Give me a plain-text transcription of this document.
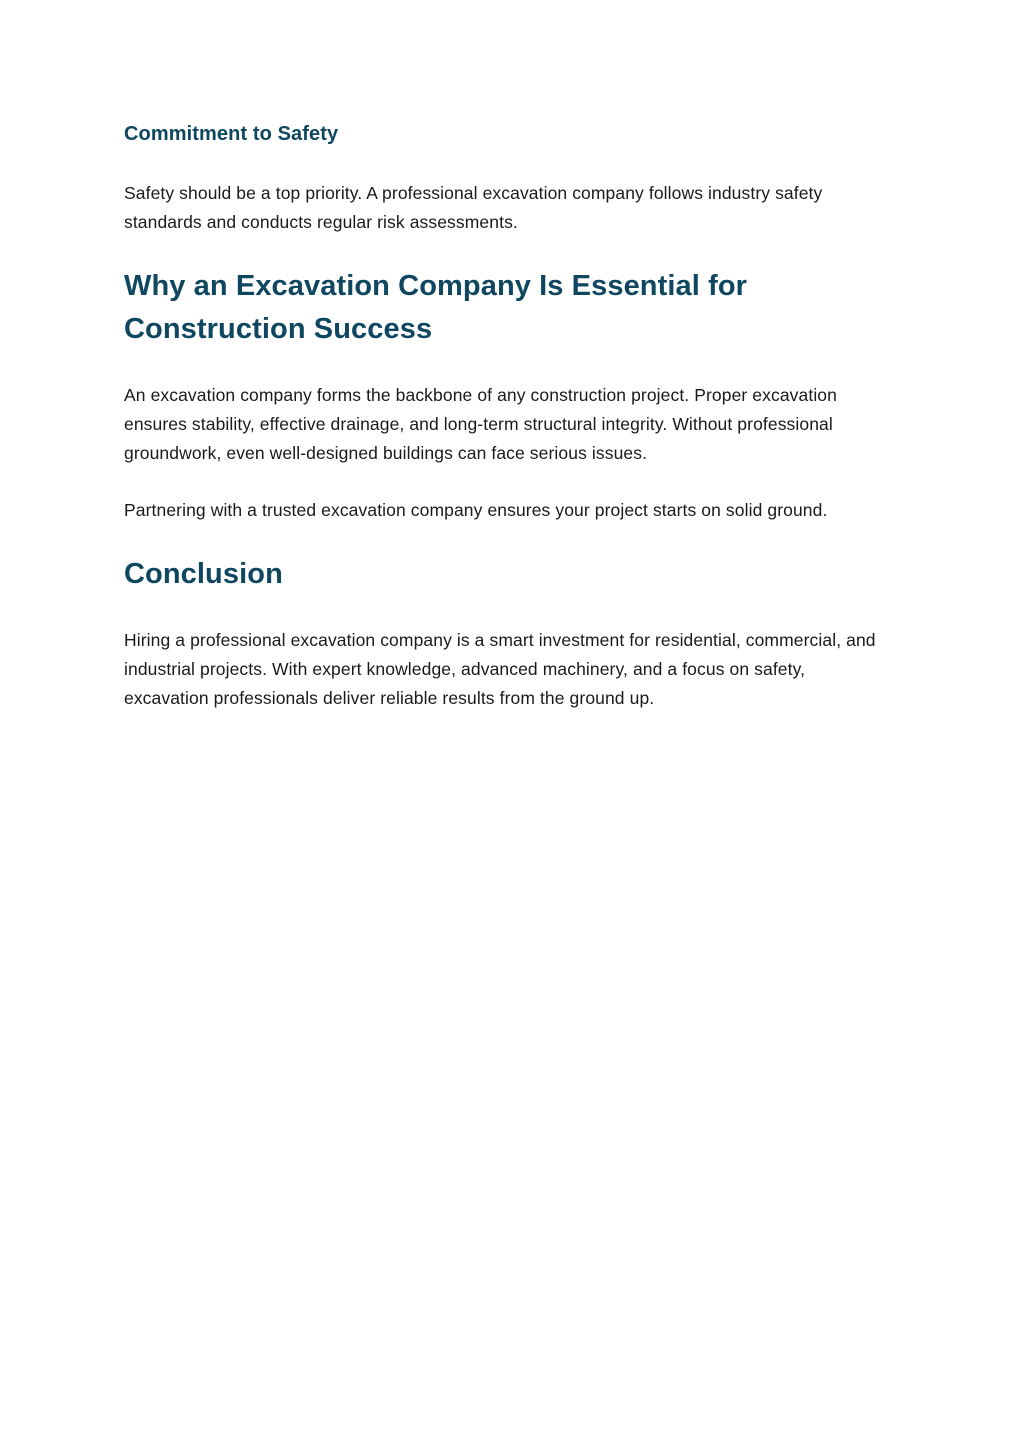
Commitment to Safety

Safety should be a top priority. A professional excavation company follows industry safety standards and conducts regular risk assessments.

Why an Excavation Company Is Essential for Construction Success

An excavation company forms the backbone of any construction project. Proper excavation ensures stability, effective drainage, and long-term structural integrity. Without professional groundwork, even well-designed buildings can face serious issues.

Partnering with a trusted excavation company ensures your project starts on solid ground.

Conclusion

Hiring a professional excavation company is a smart investment for residential, commercial, and industrial projects. With expert knowledge, advanced machinery, and a focus on safety, excavation professionals deliver reliable results from the ground up.
